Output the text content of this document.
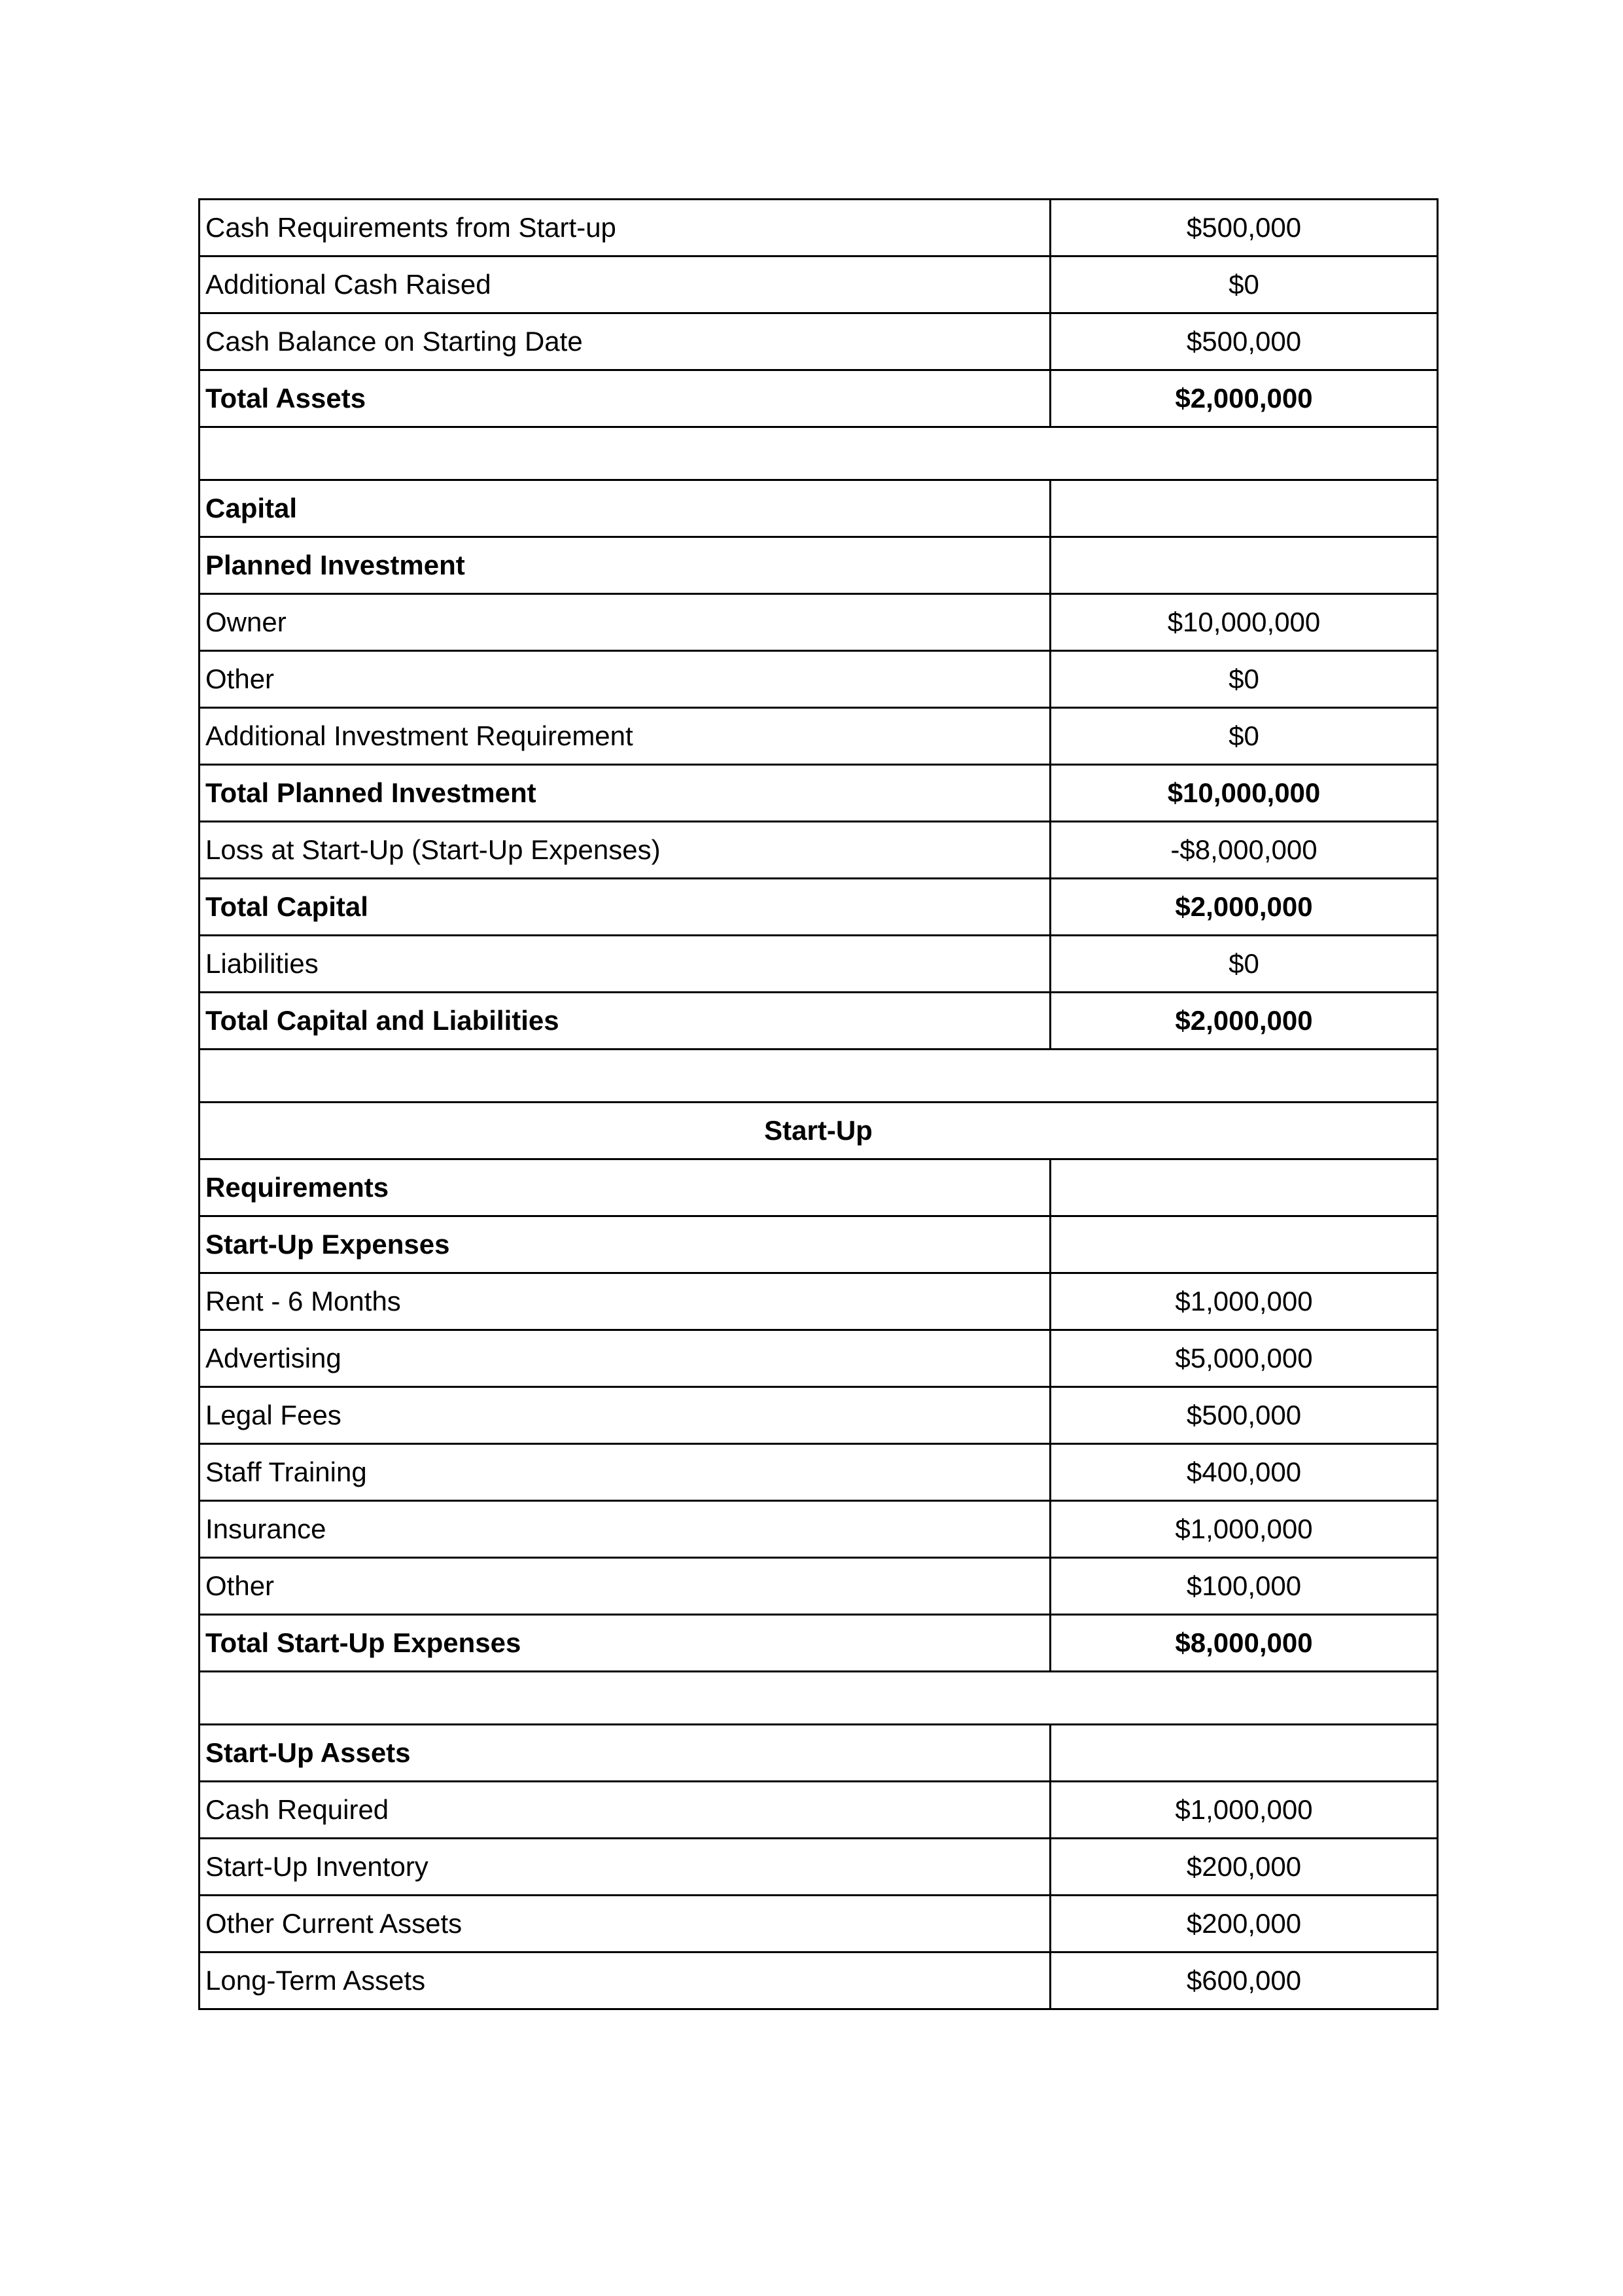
Cash Requirements from Start-up	$500,000
Additional Cash Raised	$0
Cash Balance on Starting Date	$500,000
Total Assets	$2,000,000

Capital	
Planned Investment	
Owner	$10,000,000
Other	$0
Additional Investment Requirement	$0
Total Planned Investment	$10,000,000
Loss at Start-Up (Start-Up Expenses)	-$8,000,000
Total Capital	$2,000,000
Liabilities	$0
Total Capital and Liabilities	$2,000,000

Start-Up	
Requirements	
Start-Up Expenses	
Rent - 6 Months	$1,000,000
Advertising	$5,000,000
Legal Fees	$500,000
Staff Training	$400,000
Insurance	$1,000,000
Other	$100,000
Total Start-Up Expenses	$8,000,000

Start-Up Assets	
Cash Required	$1,000,000
Start-Up Inventory	$200,000
Other Current Assets	$200,000
Long-Term Assets	$600,000
